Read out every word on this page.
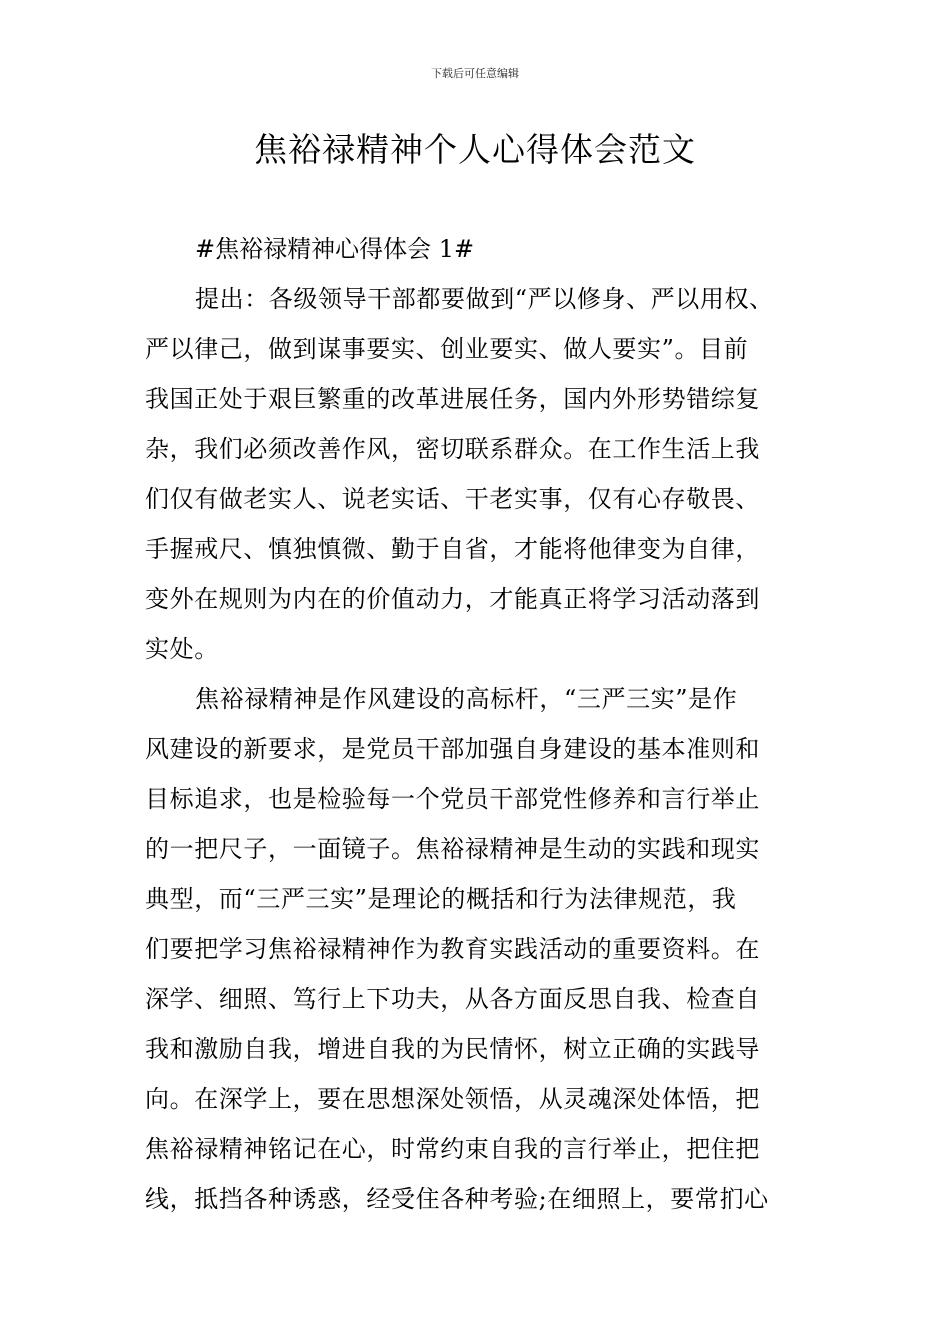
下载后可任意编辑
焦裕禄精神个人心得体会范文
#焦裕禄精神心得体会 1#

提出：各级领导干部都要做到“严以修身、严以用权、
严以律己，做到谋事要实、创业要实、做人要实”。目前
我国正处于艰巨繁重的改革进展任务，国内外形势错综复
杂，我们必须改善作风，密切联系群众。在工作生活上我
们仅有做老实人、说老实话、干老实事，仅有心存敬畏、
手握戒尺、慎独慎微、勤于自省，才能将他律变为自律，
变外在规则为内在的价值动力，才能真正将学习活动落到
实处。

焦裕禄精神是作风建设的高标杆，“三严三实”是作
风建设的新要求，是党员干部加强自身建设的基本准则和
目标追求，也是检验每一个党员干部党性修养和言行举止
的一把尺子，一面镜子。焦裕禄精神是生动的实践和现实
典型，而“三严三实”是理论的概括和行为法律规范，我
们要把学习焦裕禄精神作为教育实践活动的重要资料。在
深学、细照、笃行上下功夫，从各方面反思自我、检查自
我和激励自我，增进自我的为民情怀，树立正确的实践导
向。在深学上，要在思想深处领悟，从灵魂深处体悟，把
焦裕禄精神铭记在心，时常约束自我的言行举止，把住把
线，抵挡各种诱惑，经受住各种考验;在细照上，要常扪心
